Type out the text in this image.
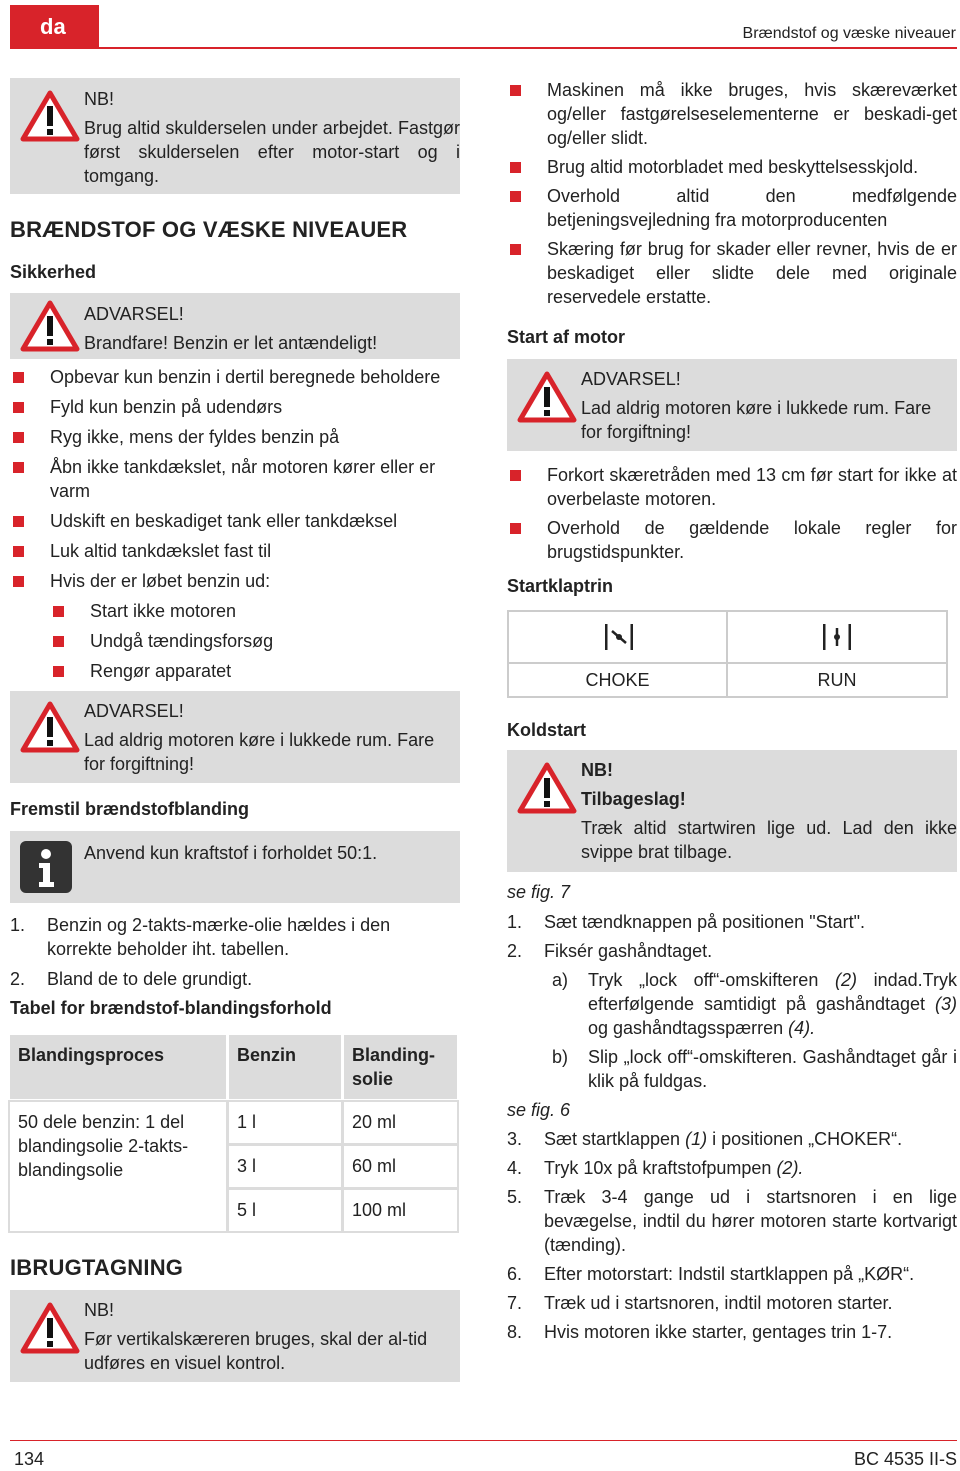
da	Brændstof og væske niveauer
NB!
Brug altid skulderselen under arbejdet. Fastgør først skulderselen efter motor-start og i tomgang.
BRÆNDSTOF OG VÆSKE NIVEAUER
Sikkerhed
ADVARSEL!
Brandfare! Benzin er let antændeligt!
Opbevar kun benzin i dertil beregnede beholdere
Fyld kun benzin på udendørs
Ryg ikke, mens der fyldes benzin på
Åbn ikke tankdækslet, når motoren kører eller er varm
Udskift en beskadiget tank eller tankdæksel
Luk altid tankdækslet fast til
Hvis der er løbet benzin ud:
Start ikke motoren
Undgå tændingsforsøg
Rengør apparatet
ADVARSEL!
Lad aldrig motoren køre i lukkede rum. Fare for forgiftning!
Fremstil brændstofblanding
Anvend kun kraftstof i forholdet 50:1.
1. Benzin og 2-takts-mærke-olie hældes i den korrekte beholder iht. tabellen.
2. Bland de to dele grundigt.
Tabel for brændstof-blandingsforhold
Blandingsproces	Benzin	Blanding-solie
50 dele benzin: 1 del blandingsolie 2-takts-blandingsolie	1 l	20 ml
	3 l	60 ml
	5 l	100 ml
IBRUGTAGNING
NB!
Før vertikalskæreren bruges, skal der al-tid udføres en visuel kontrol.
Maskinen må ikke bruges, hvis skæreværket og/eller fastgørelseselementerne er beskadi-get og/eller slidt.
Brug altid motorbladet med beskyttelsesskjold.
Overhold altid den medfølgende betjeningsvejledning fra motorproducenten
Skæring før brug for skader eller revner, hvis de er beskadiget eller slidte dele med originale reservedele erstatte.
Start af motor
ADVARSEL!
Lad aldrig motoren køre i lukkede rum. Fare for forgiftning!
Forkort skæretråden med 13 cm før start for ikke at overbelaste motoren.
Overhold de gældende lokale regler for brugstidspunkter.
Startklaptrin
CHOKE	RUN
Koldstart
NB!
Tilbageslag!
Træk altid startwiren lige ud. Lad den ikke svippe brat tilbage.
se fig. 7
1. Sæt tændknappen på positionen "Start".
2. Fiksér gashåndtaget.
a) Tryk „lock off“-omskifteren (2) indad.Tryk efterfølgende samtidigt på gashåndtaget (3) og gashåndtagsspærren (4).
b) Slip „lock off“-omskifteren. Gashåndtaget går i klik på fuldgas.
se fig. 6
3. Sæt startklappen (1) i positionen „CHOKER“.
4. Tryk 10x på kraftstofpumpen (2).
5. Træk 3-4 gange ud i startsnoren i en lige bevægelse, indtil du hører motoren starte kortvarigt (tænding).
6. Efter motorstart: Indstil startklappen på „KØR“.
7. Træk ud i startsnoren, indtil motoren starter.
8. Hvis motoren ikke starter, gentages trin 1-7.
134	BC 4535 II-S
